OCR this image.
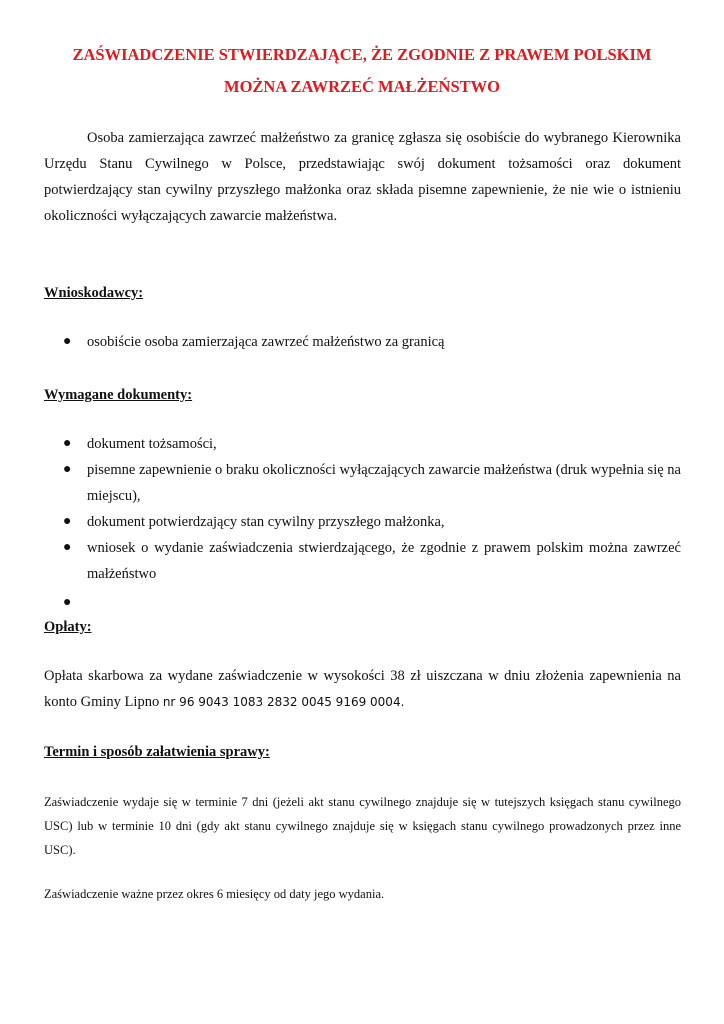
ZAŚWIADCZENIE STWIERDZAJĄCE, ŻE ZGODNIE Z PRAWEM POLSKIM
MOŻNA ZAWRZEĆ MAŁŻEŃSTWO

Osoba zamierzająca zawrzeć małżeństwo za granicę zgłasza się osobiście do wybranego Kierownika Urzędu Stanu Cywilnego w Polsce, przedstawiając swój dokument tożsamości oraz dokument potwierdzający stan cywilny przyszłego małżonka oraz składa pisemne zapewnienie, że nie wie o istnieniu okoliczności wyłączających zawarcie małżeństwa.

Wnioskodawcy:
● osobiście osoba zamierzająca zawrzeć małżeństwo za granicą
Wymagane dokumenty:
● dokument tożsamości,
● pisemne zapewnienie o braku okoliczności wyłączających zawarcie małżeństwa (druk wypełnia się na miejscu),
● dokument potwierdzający stan cywilny przyszłego małżonka,
● wniosek o wydanie zaświadczenia stwierdzającego, że zgodnie z prawem polskim można zawrzeć małżeństwo
●

Opłaty:

Opłata skarbowa za wydane zaświadczenie w wysokości 38 zł uiszczana w dniu złożenia zapewnienia na konto Gminy Lipno nr 96 9043 1083 2832 0045 9169 0004.

Termin i sposób załatwienia sprawy:

Zaświadczenie wydaje się w terminie 7 dni (jeżeli akt stanu cywilnego znajduje się w tutejszych księgach stanu cywilnego USC) lub w terminie 10 dni (gdy akt stanu cywilnego znajduje się w księgach stanu cywilnego prowadzonych przez inne USC).

Zaświadczenie ważne przez okres 6 miesięcy od daty jego wydania.
